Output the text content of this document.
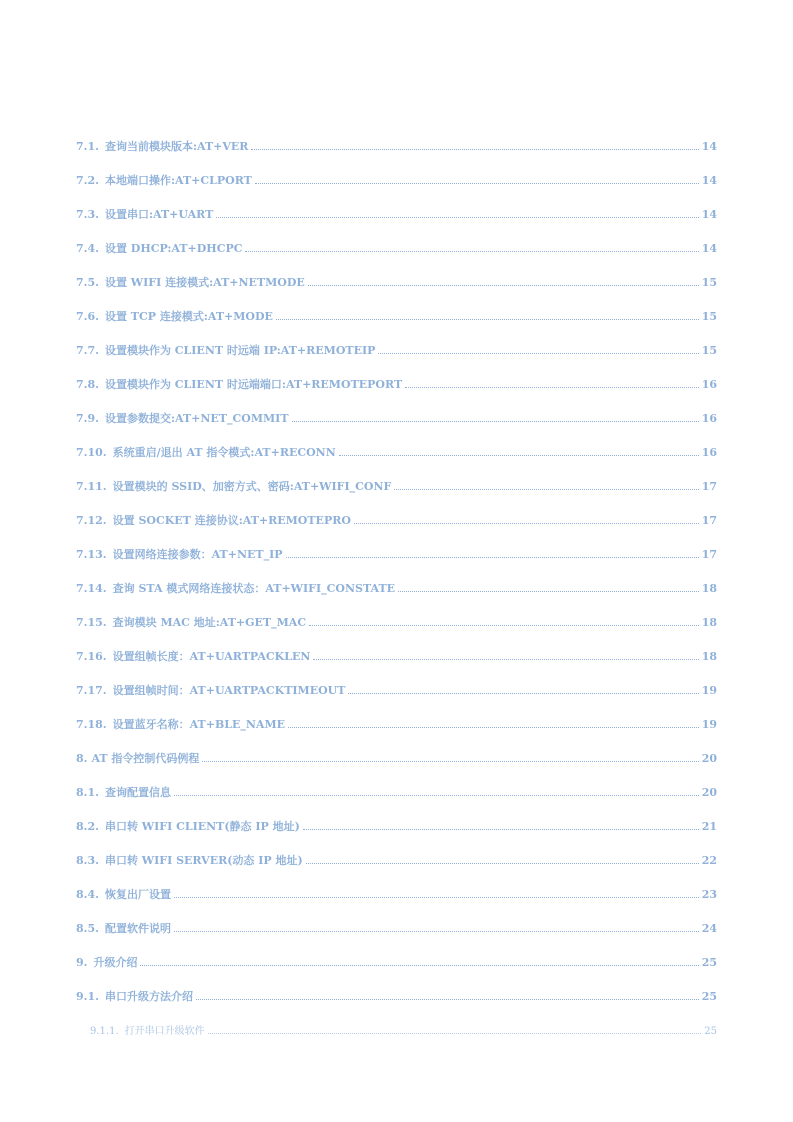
7.1. 查询当前模块版本:AT+VER	14
7.2. 本地端口操作:AT+CLPORT	14
7.3. 设置串口:AT+UART	14
7.4. 设置 DHCP:AT+DHCPC	14
7.5. 设置 WIFI 连接模式:AT+NETMODE	15
7.6. 设置 TCP 连接模式:AT+MODE	15
7.7. 设置模块作为 CLIENT 时远端 IP:AT+REMOTEIP	15
7.8. 设置模块作为 CLIENT 时远端端口:AT+REMOTEPORT	16
7.9. 设置参数提交:AT+NET_COMMIT	16
7.10. 系统重启/退出 AT 指令模式:AT+RECONN	16
7.11. 设置模块的 SSID、加密方式、密码:AT+WIFI_CONF	17
7.12. 设置 SOCKET 连接协议:AT+REMOTEPRO	17
7.13. 设置网络连接参数：AT+NET_IP	17
7.14. 查询 STA 模式网络连接状态：AT+WIFI_CONSTATE	18
7.15. 查询模块 MAC 地址:AT+GET_MAC	18
7.16. 设置组帧长度：AT+UARTPACKLEN	18
7.17. 设置组帧时间：AT+UARTPACKTIMEOUT	19
7.18. 设置蓝牙名称：AT+BLE_NAME	19
8. AT 指令控制代码例程	20
8.1. 查询配置信息	20
8.2. 串口转 WIFI CLIENT(静态 IP 地址)	21
8.3. 串口转 WIFI SERVER(动态 IP 地址)	22
8.4. 恢复出厂设置	23
8.5. 配置软件说明	24
9. 升级介绍	25
9.1. 串口升级方法介绍	25
9.1.1. 打开串口升级软件	25
